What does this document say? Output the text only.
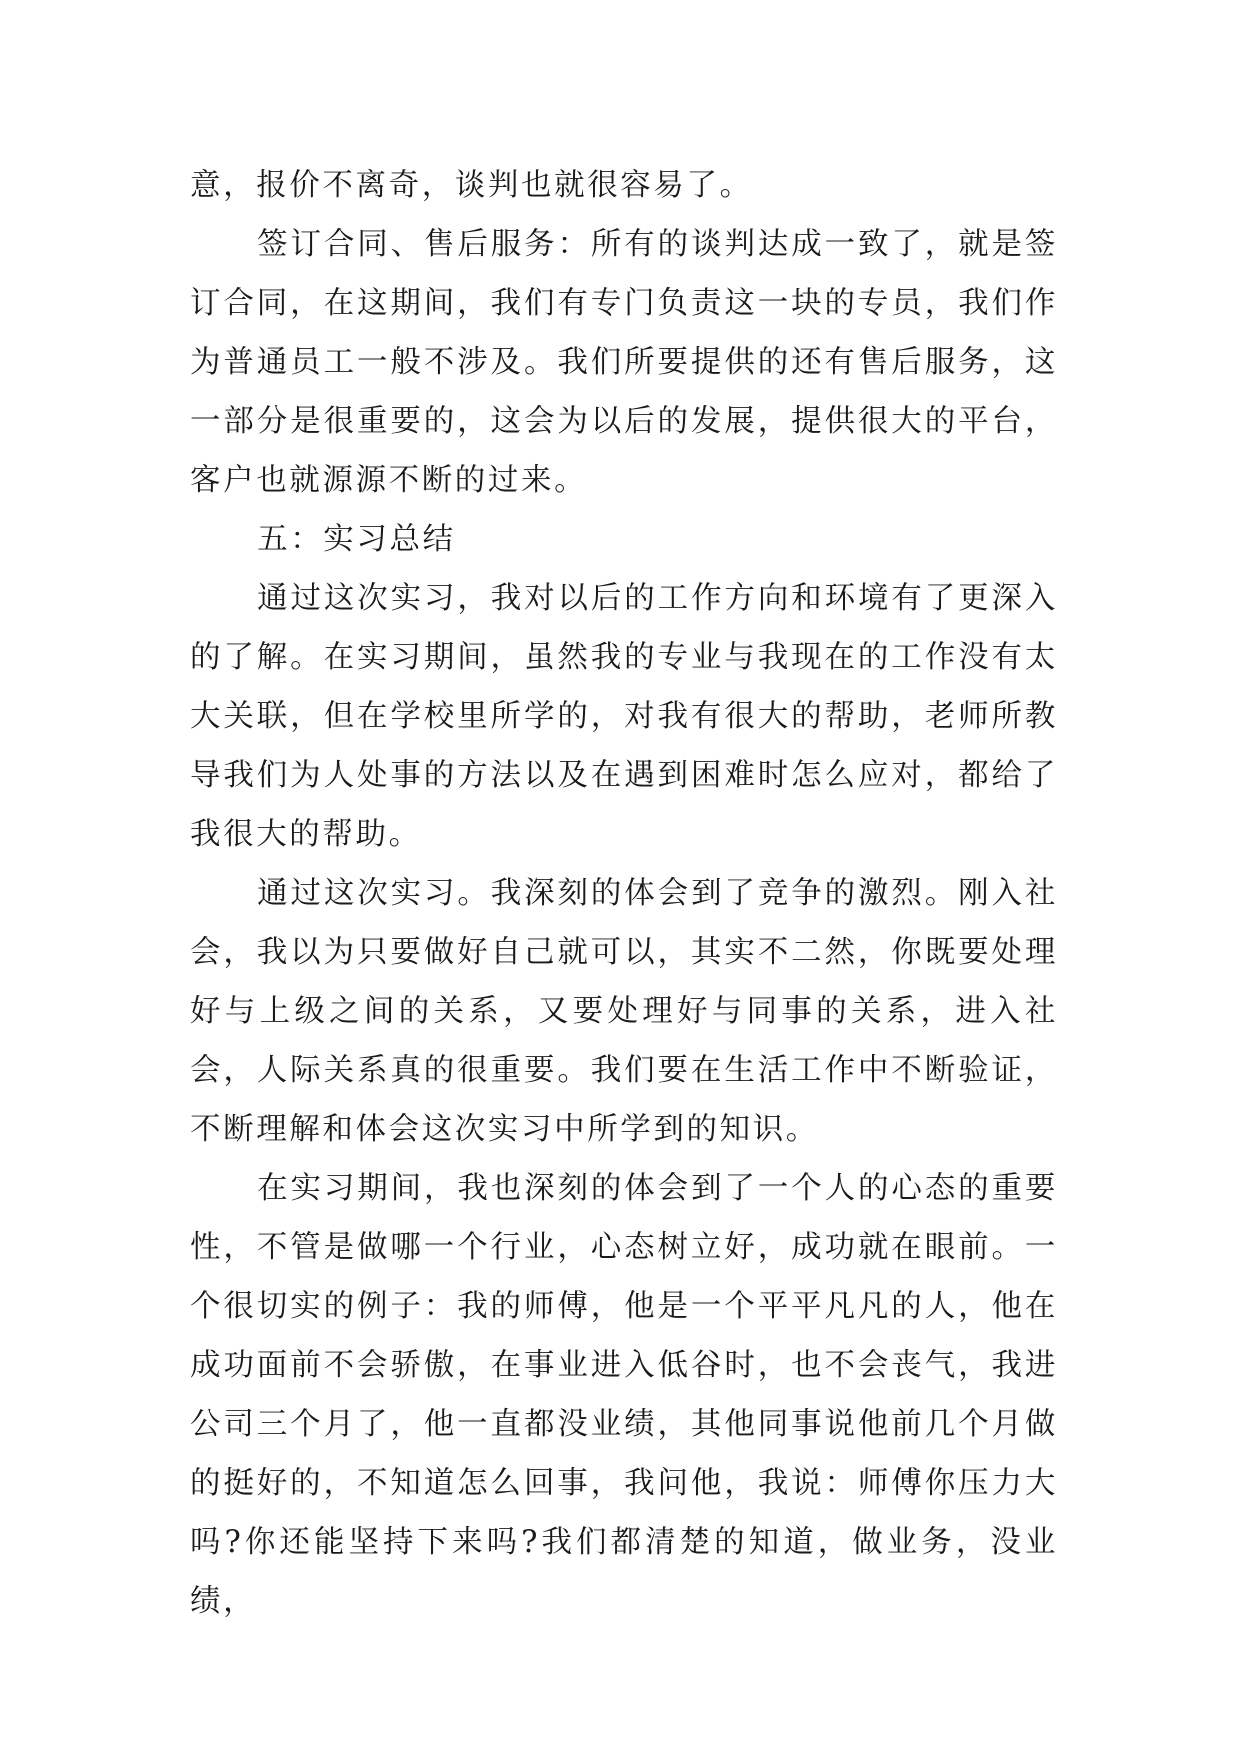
意，报价不离奇，谈判也就很容易了。

签订合同、售后服务：所有的谈判达成一致了，就是签订合同，在这期间，我们有专门负责这一块的专员，我们作为普通员工一般不涉及。我们所要提供的还有售后服务，这一部分是很重要的，这会为以后的发展，提供很大的平台，客户也就源源不断的过来。

五：实习总结

通过这次实习，我对以后的工作方向和环境有了更深入的了解。在实习期间，虽然我的专业与我现在的工作没有太大关联，但在学校里所学的，对我有很大的帮助，老师所教导我们为人处事的方法以及在遇到困难时怎么应对，都给了我很大的帮助。

通过这次实习。我深刻的体会到了竞争的激烈。刚入社会，我以为只要做好自己就可以，其实不二然，你既要处理好与上级之间的关系，又要处理好与同事的关系，进入社会，人际关系真的很重要。我们要在生活工作中不断验证，不断理解和体会这次实习中所学到的知识。

在实习期间，我也深刻的体会到了一个人的心态的重要性，不管是做哪一个行业，心态树立好，成功就在眼前。一个很切实的例子：我的师傅，他是一个平平凡凡的人，他在成功面前不会骄傲，在事业进入低谷时，也不会丧气，我进公司三个月了，他一直都没业绩，其他同事说他前几个月做的挺好的，不知道怎么回事，我问他，我说：师傅你压力大吗?你还能坚持下来吗?我们都清楚的知道，做业务，没业绩，
